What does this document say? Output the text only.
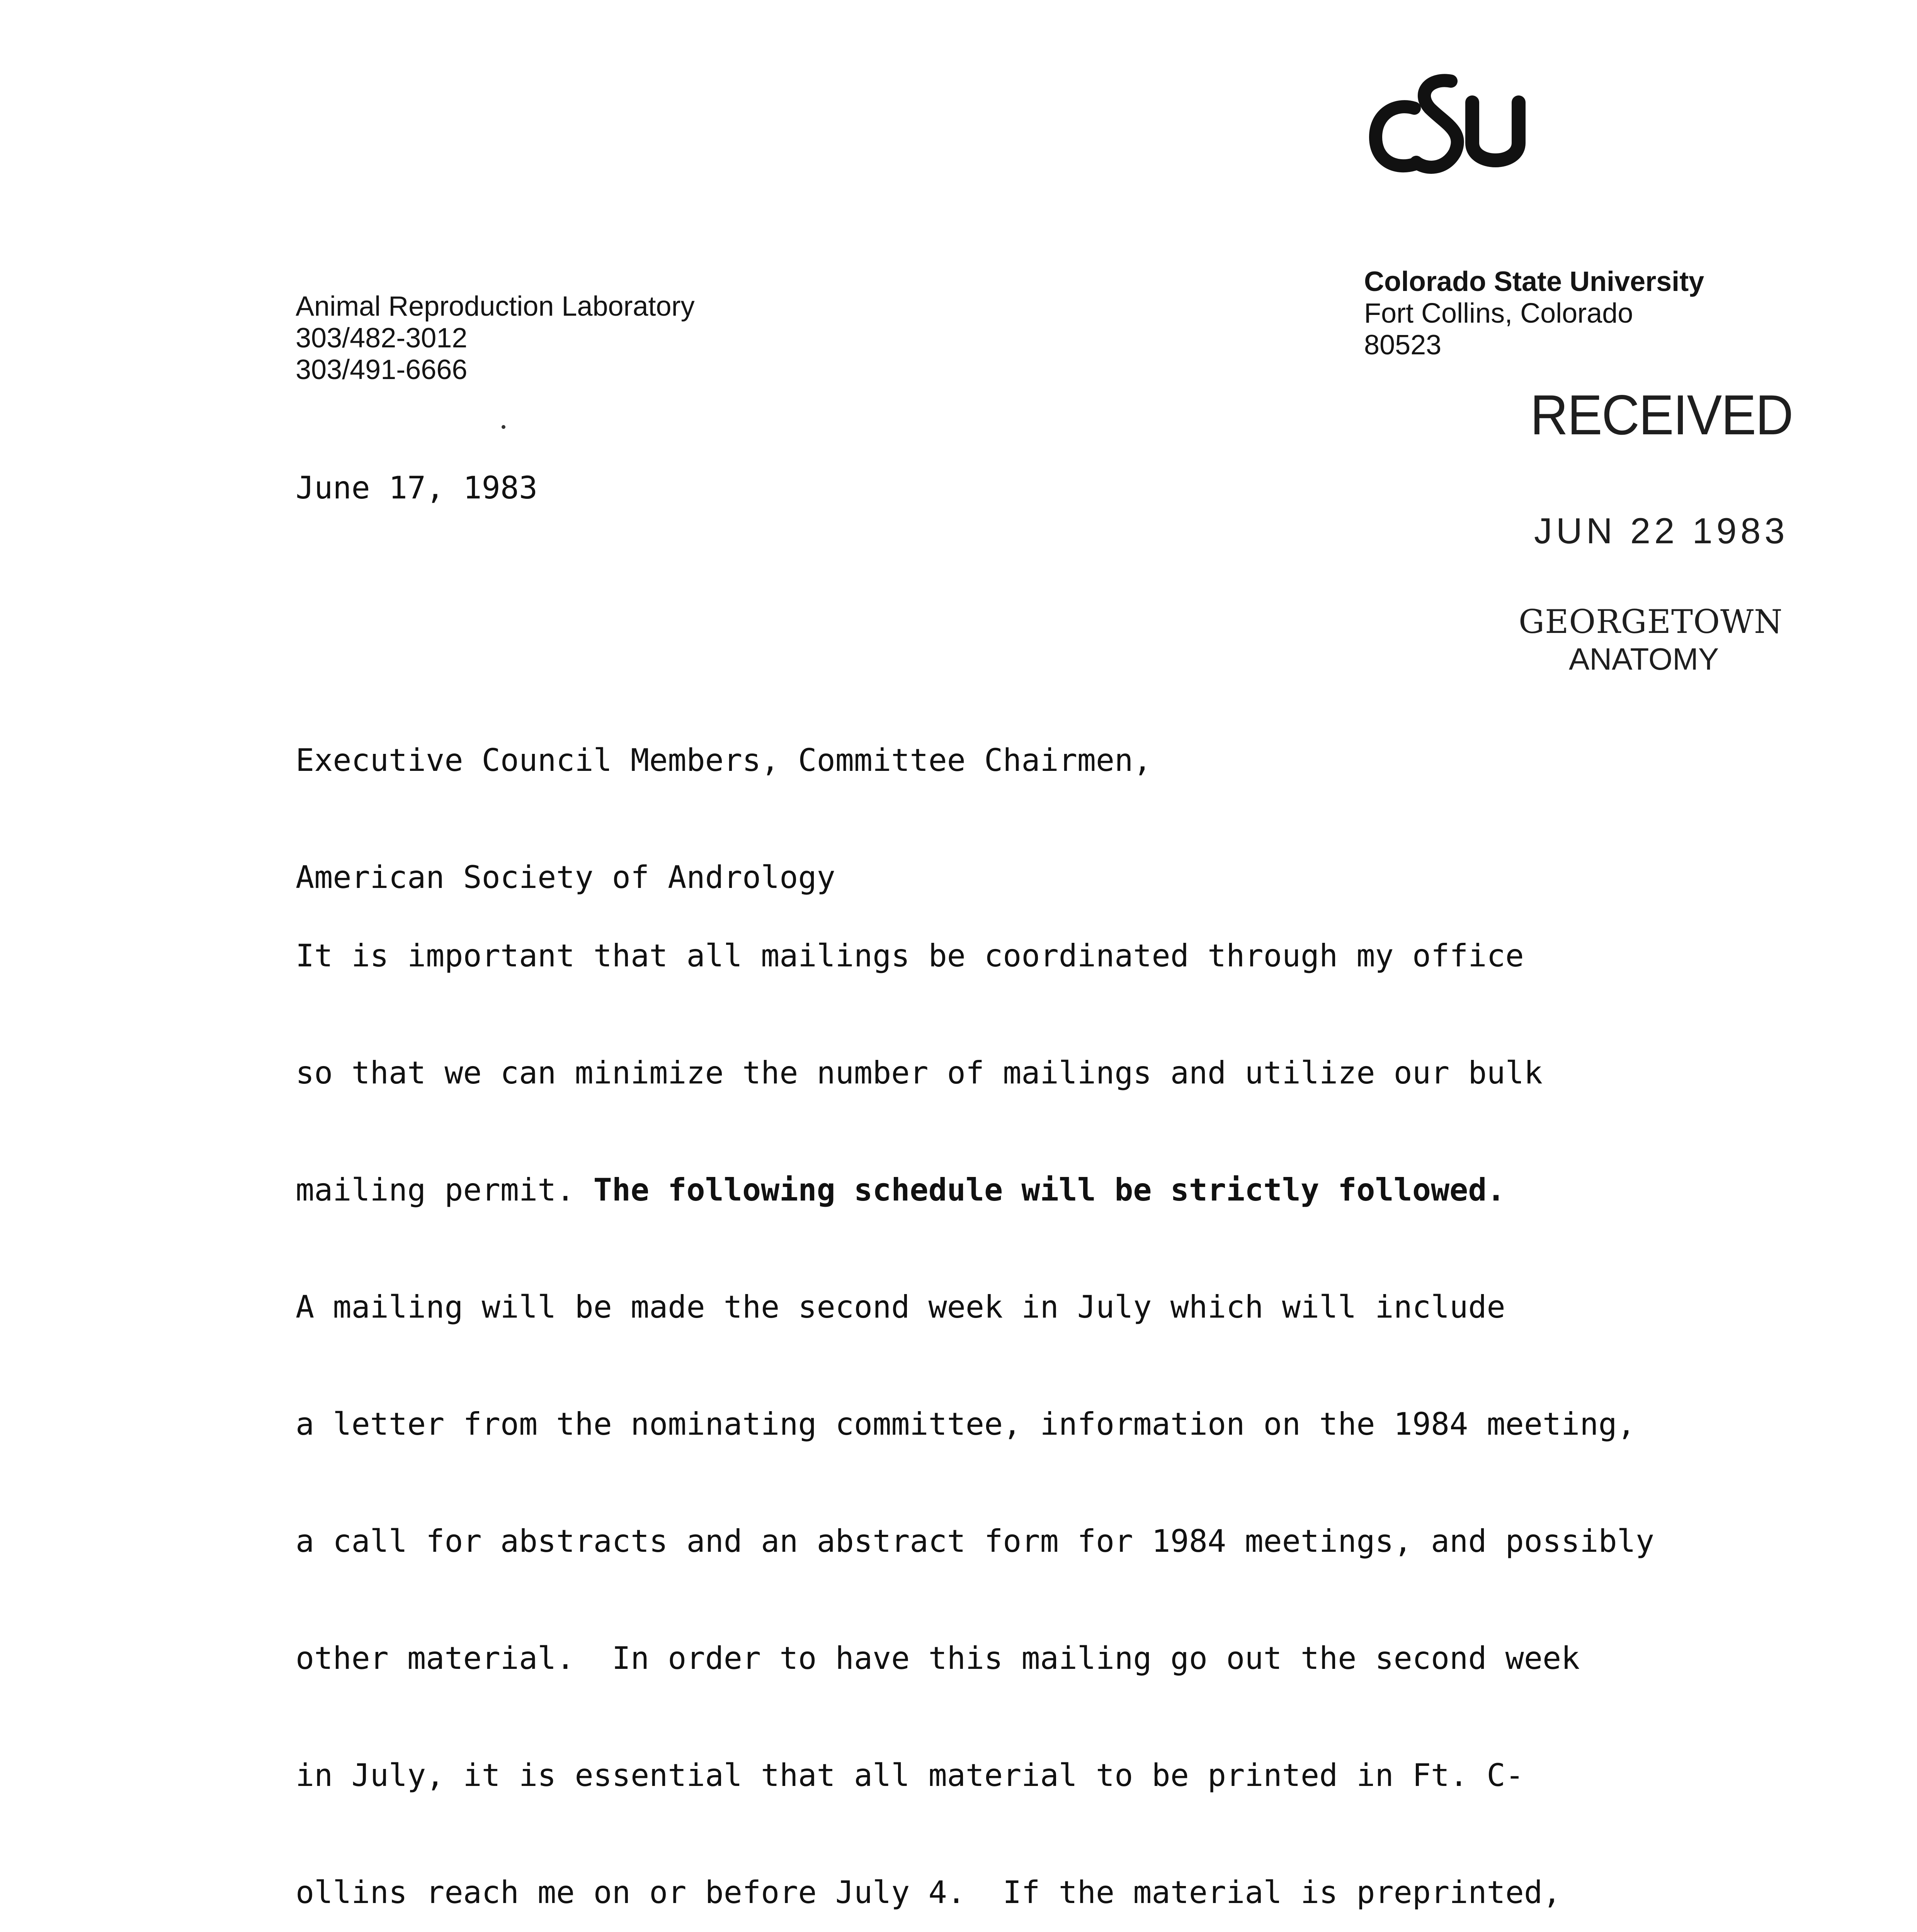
Animal Reproduction Laboratory
303/482-3012
303/491-6666
Colorado State University
Fort Collins, Colorado
80523
RECEIVED
JUN 22 1983
GEORGETOWN
ANATOMY
June 17, 1983

Executive Council Members, Committee Chairmen,

American Society of Andrology

It is important that all mailings be coordinated through my office

so that we can minimize the number of mailings and utilize our bulk

mailing permit. The following schedule will be strictly followed.

A mailing will be made the second week in July which will include

a letter from the nominating committee, information on the 1984 meeting,

a call for abstracts and an abstract form for 1984 meetings, and possibly

other material.  In order to have this mailing go out the second week

in July, it is essential that all material to be printed in Ft. C-

ollins reach me on or before July 4.  If the material is preprinted,
